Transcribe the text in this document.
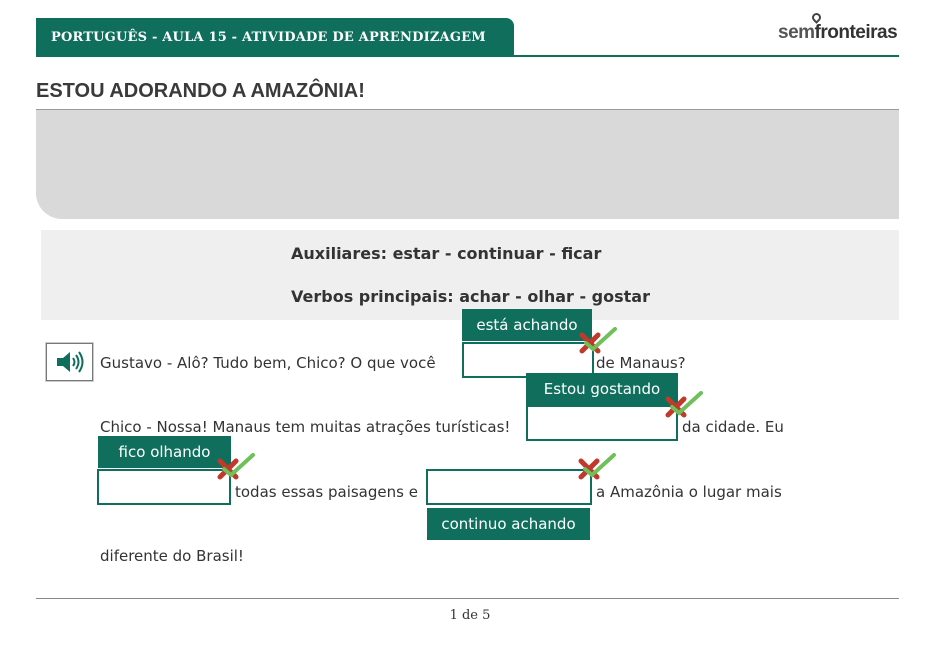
PORTUGUÊS - AULA 15 - ATIVIDADE DE APRENDIZAGEM	semfronteiras
ESTOU ADORANDO A AMAZÔNIA!
Auxiliares: estar - continuar - ficar
Verbos principais: achar - olhar - gostar
Gustavo - Alô? Tudo bem, Chico? O que você	de Manaus?
está achando
Chico - Nossa! Manaus tem muitas atrações turísticas!	da cidade. Eu
Estou gostando
fico olhando
todas essas paisagens e	a Amazônia o lugar mais
continuo achando
diferente do Brasil!
1 de 5
